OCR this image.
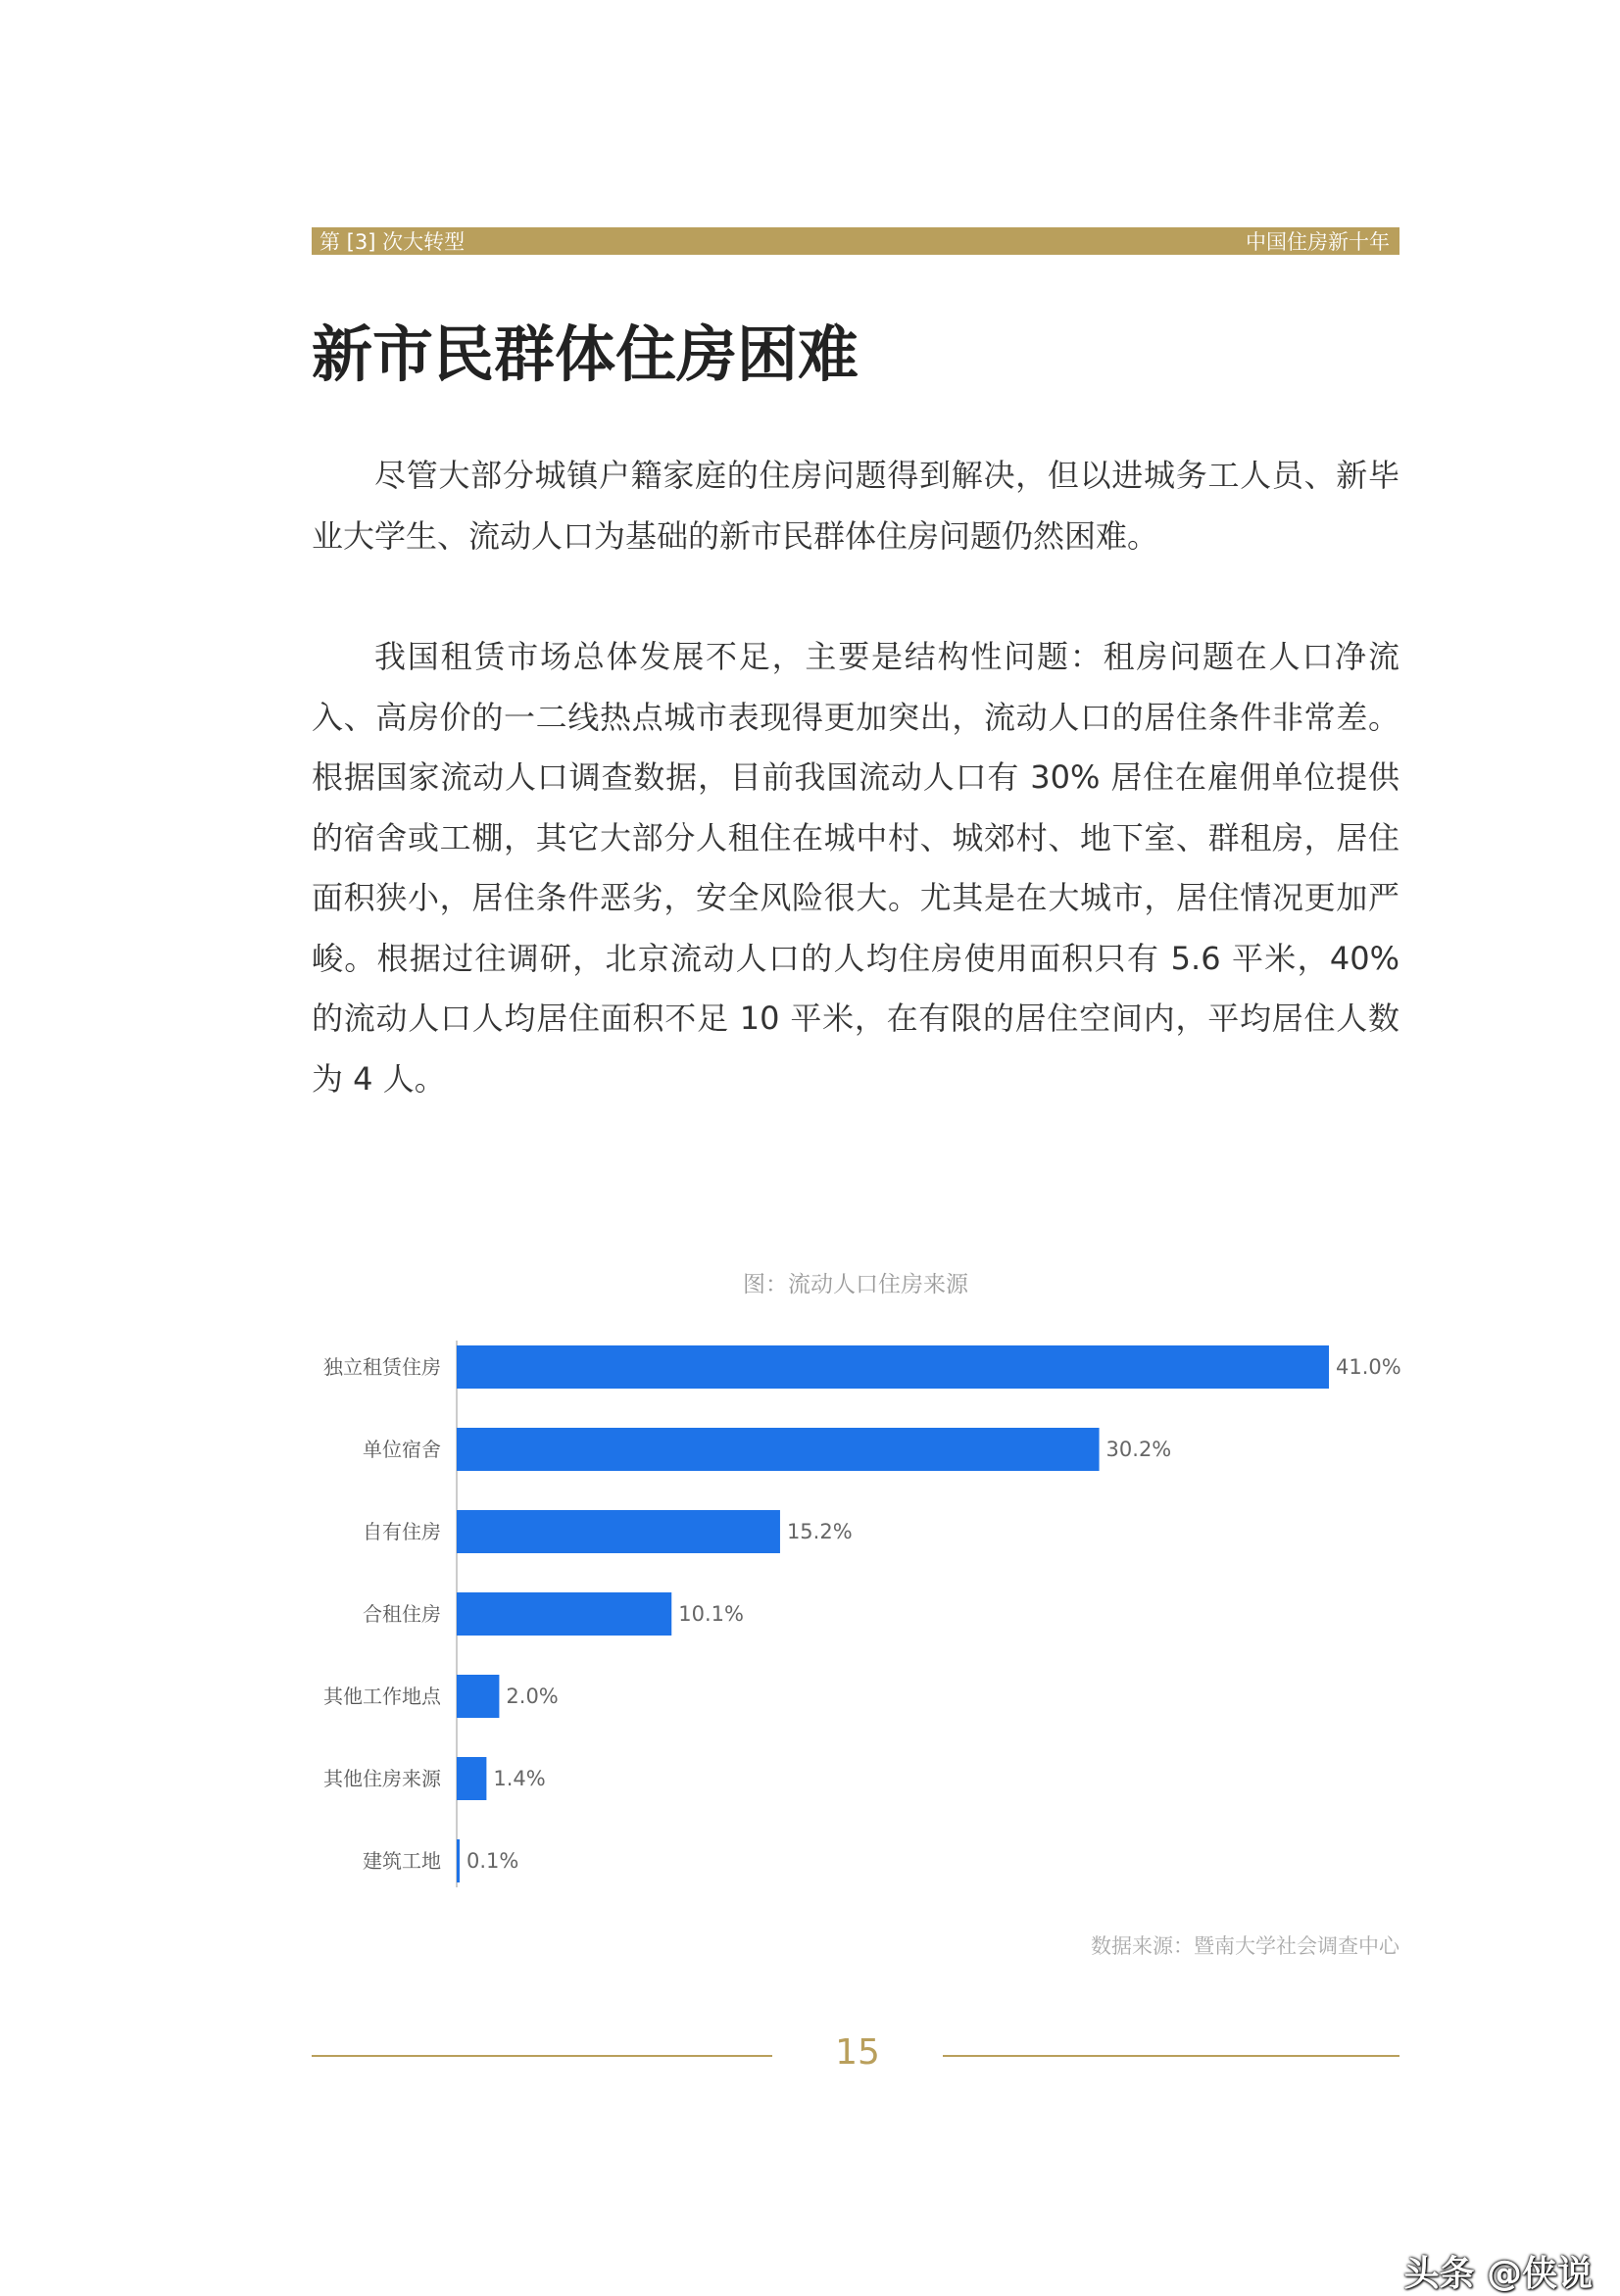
第 [3] 次大转型	中国住房新十年
新市民群体住房困难

尽管大部分城镇户籍家庭的住房问题得到解决，但以进城务工人员、新毕业大学生、流动人口为基础的新市民群体住房问题仍然困难。

我国租赁市场总体发展不足，主要是结构性问题：租房问题在人口净流入、高房价的一二线热点城市表现得更加突出，流动人口的居住条件非常差。根据国家流动人口调查数据，目前我国流动人口有 30% 居住在雇佣单位提供的宿舍或工棚，其它大部分人租住在城中村、城郊村、地下室、群租房，居住面积狭小，居住条件恶劣，安全风险很大。尤其是在大城市，居住情况更加严峻。根据过往调研，北京流动人口的人均住房使用面积只有 5.6 平米，40% 的流动人口人均居住面积不足 10 平米，在有限的居住空间内，平均居住人数为 4 人。

图：流动人口住房来源
独立租赁住房	41.0%
单位宿舍	30.2%
自有住房	15.2%
合租住房	10.1%
其他工作地点	2.0%
其他住房来源	1.4%
建筑工地 0.1%
数据来源：暨南大学社会调查中心
15
头条 @侠说
